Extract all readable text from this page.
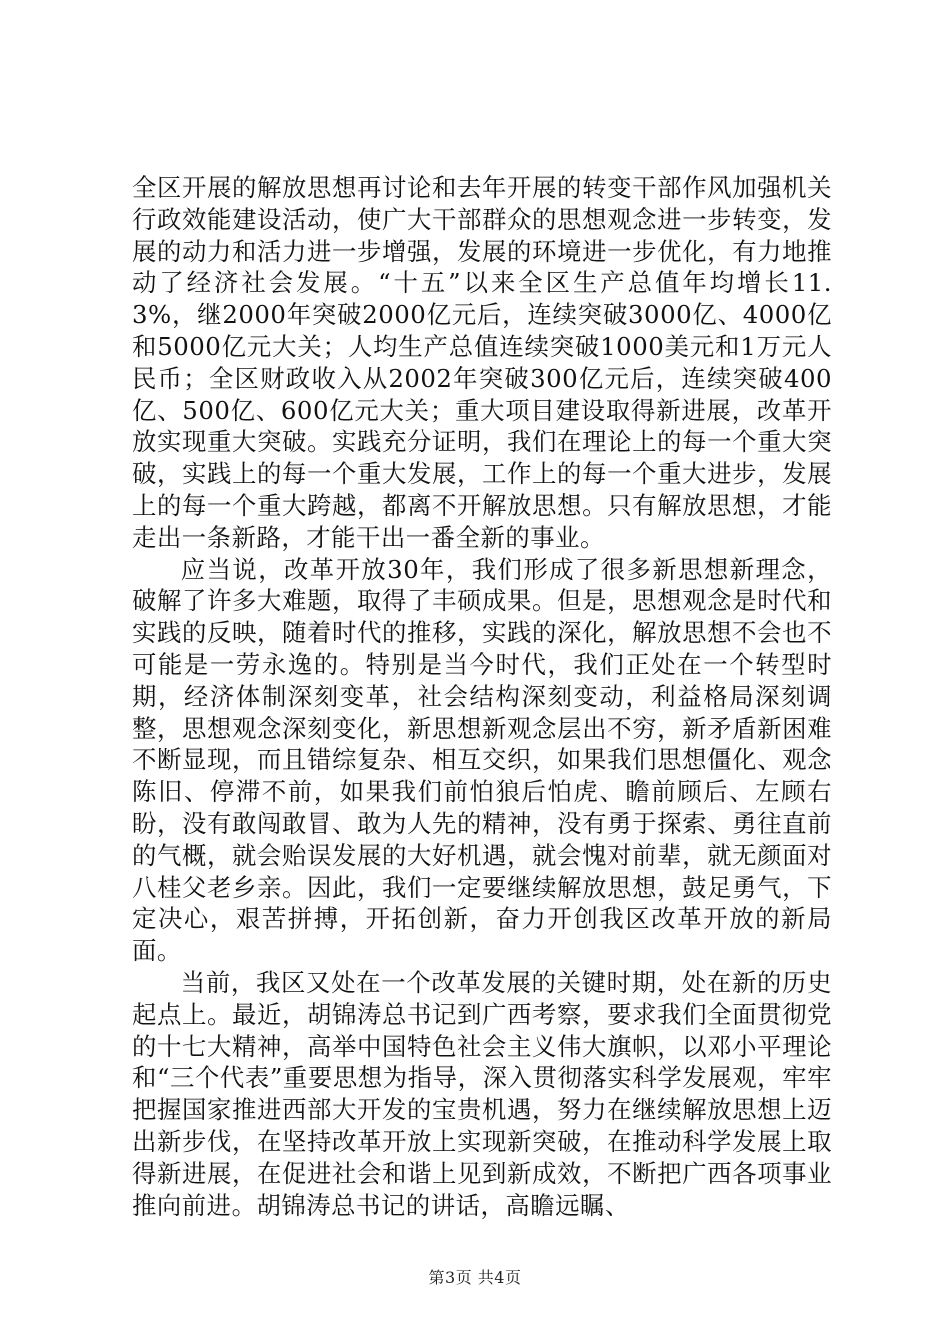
全区开展的解放思想再讨论和去年开展的转变干部作风加强机关行政效能建设活动，使广大干部群众的思想观念进一步转变，发展的动力和活力进一步增强，发展的环境进一步优化，有力地推动了经济社会发展。“十五”以来全区生产总值年均增长11.3%，继2000年突破2000亿元后，连续突破3000亿、4000亿和5000亿元大关；人均生产总值连续突破1000美元和1万元人民币；全区财政收入从2002年突破300亿元后，连续突破400亿、500亿、600亿元大关；重大项目建设取得新进展，改革开放实现重大突破。实践充分证明，我们在理论上的每一个重大突破，实践上的每一个重大发展，工作上的每一个重大进步，发展上的每一个重大跨越，都离不开解放思想。只有解放思想，才能走出一条新路，才能干出一番全新的事业。

应当说，改革开放30年，我们形成了很多新思想新理念，破解了许多大难题，取得了丰硕成果。但是，思想观念是时代和实践的反映，随着时代的推移，实践的深化，解放思想不会也不可能是一劳永逸的。特别是当今时代，我们正处在一个转型时期，经济体制深刻变革，社会结构深刻变动，利益格局深刻调整，思想观念深刻变化，新思想新观念层出不穷，新矛盾新困难不断显现，而且错综复杂、相互交织，如果我们思想僵化、观念陈旧、停滞不前，如果我们前怕狼后怕虎、瞻前顾后、左顾右盼，没有敢闯敢冒、敢为人先的精神，没有勇于探索、勇往直前的气概，就会贻误发展的大好机遇，就会愧对前辈，就无颜面对八桂父老乡亲。因此，我们一定要继续解放思想，鼓足勇气，下定决心，艰苦拼搏，开拓创新，奋力开创我区改革开放的新局面。

当前，我区又处在一个改革发展的关键时期，处在新的历史起点上。最近，胡锦涛总书记到广西考察，要求我们全面贯彻党的十七大精神，高举中国特色社会主义伟大旗帜，以邓小平理论和“三个代表”重要思想为指导，深入贯彻落实科学发展观，牢牢把握国家推进西部大开发的宝贵机遇，努力在继续解放思想上迈出新步伐，在坚持改革开放上实现新突破，在推动科学发展上取得新进展，在促进社会和谐上见到新成效，不断把广西各项事业推向前进。胡锦涛总书记的讲话，高瞻远瞩、

第3页 共4页
